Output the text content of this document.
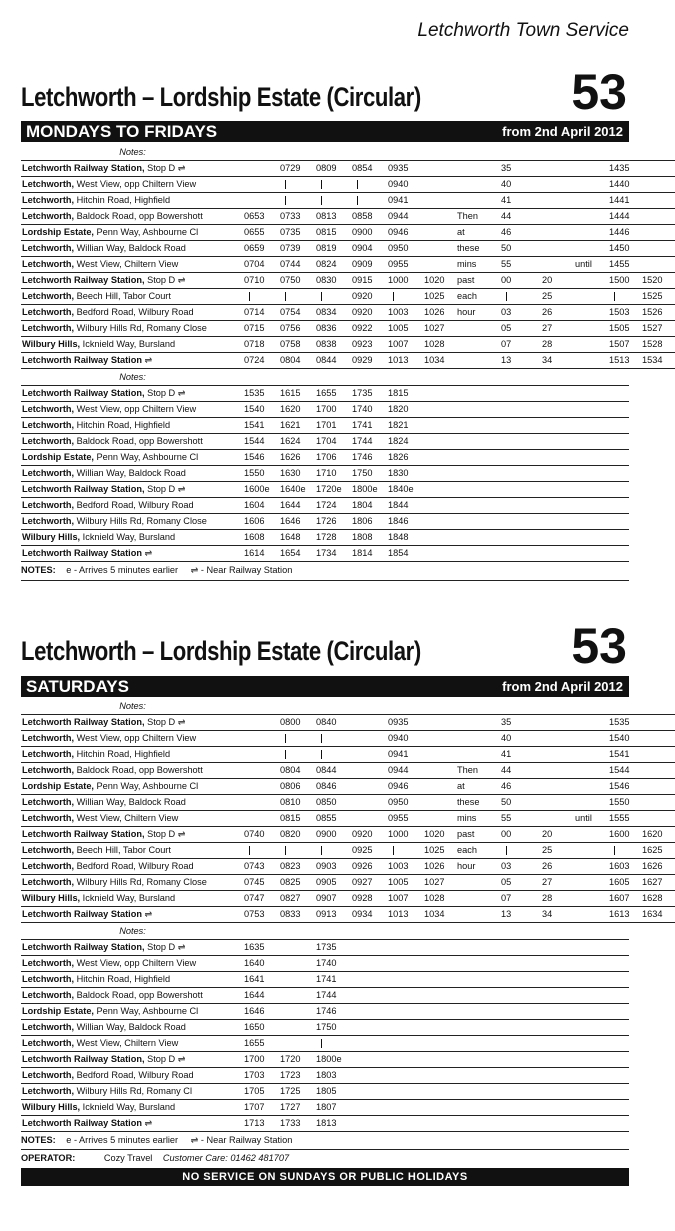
Letchworth Town Service
Letchworth – Lordship Estate (Circular)	53
MONDAYS TO FRIDAYS	from 2nd April 2012
Notes:													
Letchworth Railway Station, Stop D ⇌		0729	0809	0854	0935			35			1435		
Letchworth, West View, opp Chiltern View					0940			40			1440		
Letchworth, Hitchin Road, Highfield					0941			41			1441		
Letchworth, Baldock Road, opp Bowershott	0653	0733	0813	0858	0944		Then	44			1444		
Lordship Estate, Penn Way, Ashbourne Cl	0655	0735	0815	0900	0946		at	46			1446		
Letchworth, Willian Way, Baldock Road	0659	0739	0819	0904	0950		these	50			1450		
Letchworth, West View, Chiltern View	0704	0744	0824	0909	0955		mins	55		until	1455		
Letchworth Railway Station, Stop D ⇌	0710	0750	0830	0915	1000	1020	past	00	20		1500	1520	
Letchworth, Beech Hill, Tabor Court				0920		1025	each		25			1525	
Letchworth, Bedford Road, Wilbury Road	0714	0754	0834	0920	1003	1026	hour	03	26		1503	1526	
Letchworth, Wilbury Hills Rd, Romany Close	0715	0756	0836	0922	1005	1027		05	27		1505	1527	
Wilbury Hills, Icknield Way, Bursland	0718	0758	0838	0923	1007	1028		07	28		1507	1528	
Letchworth Railway Station ⇌	0724	0804	0844	0929	1013	1034		13	34		1513	1534	
Notes:						
Letchworth Railway Station, Stop D ⇌	1535	1615	1655	1735	1815	
Letchworth, West View, opp Chiltern View	1540	1620	1700	1740	1820	
Letchworth, Hitchin Road, Highfield	1541	1621	1701	1741	1821	
Letchworth, Baldock Road, opp Bowershott	1544	1624	1704	1744	1824	
Lordship Estate, Penn Way, Ashbourne Cl	1546	1626	1706	1746	1826	
Letchworth, Willian Way, Baldock Road	1550	1630	1710	1750	1830	
Letchworth Railway Station, Stop D ⇌	1600e	1640e	1720e	1800e	1840e	
Letchworth, Bedford Road, Wilbury Road	1604	1644	1724	1804	1844	
Letchworth, Wilbury Hills Rd, Romany Close	1606	1646	1726	1806	1846	
Wilbury Hills, Icknield Way, Bursland	1608	1648	1728	1808	1848	
Letchworth Railway Station ⇌	1614	1654	1734	1814	1854	
NOTES: e - Arrives 5 minutes earlier ⇌ - Near Railway Station
Letchworth – Lordship Estate (Circular)	53
SATURDAYS	from 2nd April 2012
Notes:													
Letchworth Railway Station, Stop D ⇌		0800	0840		0935			35			1535		
Letchworth, West View, opp Chiltern View					0940			40			1540		
Letchworth, Hitchin Road, Highfield					0941			41			1541		
Letchworth, Baldock Road, opp Bowershott		0804	0844		0944		Then	44			1544		
Lordship Estate, Penn Way, Ashbourne Cl		0806	0846		0946		at	46			1546		
Letchworth, Willian Way, Baldock Road		0810	0850		0950		these	50			1550		
Letchworth, West View, Chiltern View		0815	0855		0955		mins	55		until	1555		
Letchworth Railway Station, Stop D ⇌	0740	0820	0900	0920	1000	1020	past	00	20		1600	1620	
Letchworth, Beech Hill, Tabor Court				0925		1025	each		25			1625	
Letchworth, Bedford Road, Wilbury Road	0743	0823	0903	0926	1003	1026	hour	03	26		1603	1626	
Letchworth, Wilbury Hills Rd, Romany Close	0745	0825	0905	0927	1005	1027		05	27		1605	1627	
Wilbury Hills, Icknield Way, Bursland	0747	0827	0907	0928	1007	1028		07	28		1607	1628	
Letchworth Railway Station ⇌	0753	0833	0913	0934	1013	1034		13	34		1613	1634	
Notes:				
Letchworth Railway Station, Stop D ⇌	1635		1735	
Letchworth, West View, opp Chiltern View	1640		1740	
Letchworth, Hitchin Road, Highfield	1641		1741	
Letchworth, Baldock Road, opp Bowershott	1644		1744	
Lordship Estate, Penn Way, Ashbourne Cl	1646		1746	
Letchworth, Willian Way, Baldock Road	1650		1750	
Letchworth, West View, Chiltern View	1655			
Letchworth Railway Station, Stop D ⇌	1700	1720	1800e	
Letchworth, Bedford Road, Wilbury Road	1703	1723	1803	
Letchworth, Wilbury Hills Rd, Romany Cl	1705	1725	1805	
Wilbury Hills, Icknield Way, Bursland	1707	1727	1807	
Letchworth Railway Station ⇌	1713	1733	1813	
NOTES: e - Arrives 5 minutes earlier ⇌ - Near Railway Station
OPERATOR:	Cozy Travel Customer Care: 01462 481707
NO SERVICE ON SUNDAYS OR PUBLIC HOLIDAYS
